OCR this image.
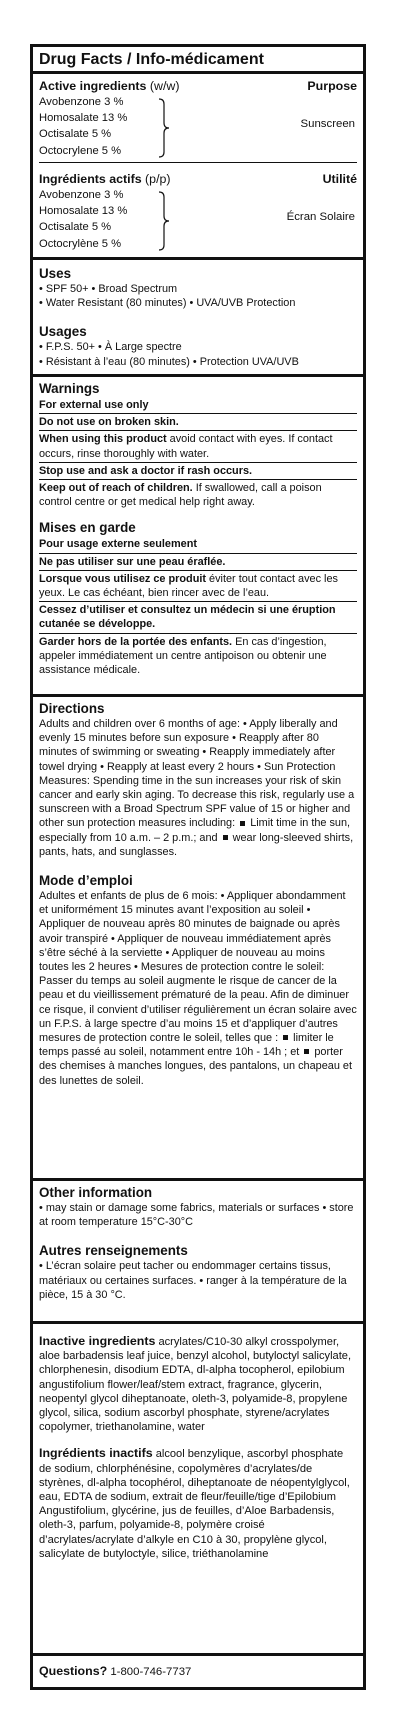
Drug Facts / Info-médicament
Active ingredients (w/w)	Purpose
Avobenzone 3 %
Homosalate 13 %
Octisalate 5 %
Octocrylene 5 %
Sunscreen
Ingrédients actifs (p/p)	Utilité
Avobenzone 3 %
Homosalate 13 %
Octisalate 5 %
Octocrylène 5 %
Écran Solaire
Uses
• SPF 50+ • Broad Spectrum
• Water Resistant (80 minutes) • UVA/UVB Protection
Usages
• F.P.S. 50+ • À Large spectre
• Résistant à l’eau (80 minutes) • Protection UVA/UVB
Warnings
For external use only
Do not use on broken skin.
When using this product avoid contact with eyes. If contact occurs, rinse thoroughly with water.
Stop use and ask a doctor if rash occurs.
Keep out of reach of children. If swallowed, call a poison control centre or get medical help right away.
Mises en garde
Pour usage externe seulement
Ne pas utiliser sur une peau éraflée.
Lorsque vous utilisez ce produit éviter tout contact avec les yeux. Le cas échéant, bien rincer avec de l’eau.
Cessez d’utiliser et consultez un médecin si une éruption cutanée se développe.
Garder hors de la portée des enfants. En cas d’ingestion, appeler immédiatement un centre antipoison ou obtenir une assistance médicale.
Directions
Adults and children over 6 months of age: • Apply liberally and evenly 15 minutes before sun exposure • Reapply after 80 minutes of swimming or sweating • Reapply immediately after towel drying • Reapply at least every 2 hours • Sun Protection Measures: Spending time in the sun increases your risk of skin cancer and early skin aging. To decrease this risk, regularly use a sunscreen with a Broad Spectrum SPF value of 15 or higher and other sun protection measures including:  Limit time in the sun, especially from 10 a.m. – 2 p.m.; and  wear long-sleeved shirts, pants, hats, and sunglasses.
Mode d’emploi
Adultes et enfants de plus de 6 mois: • Appliquer abondamment et uniformément 15 minutes avant l’exposition au soleil • Appliquer de nouveau après 80 minutes de baignade ou après avoir transpiré • Appliquer de nouveau immédiatement après s’être séché à la serviette • Appliquer de nouveau au moins toutes les 2 heures • Mesures de protection contre le soleil: Passer du temps au soleil augmente le risque de cancer de la peau et du vieillissement prématuré de la peau. Afin de diminuer ce risque, il convient d’utiliser régulièrement un écran solaire avec un F.P.S. à large spectre d’au moins 15 et d’appliquer d’autres mesures de protection contre le soleil, telles que :  limiter le temps passé au soleil, notamment entre 10h - 14h ; et  porter des chemises à manches longues, des pantalons, un chapeau et des lunettes de soleil.
Other information
• may stain or damage some fabrics, materials or surfaces • store at room temperature 15°C-30°C
Autres renseignements
• L’écran solaire peut tacher ou endommager certains tissus, matériaux ou certaines surfaces. • ranger à la température de la pièce, 15 à 30 °C.
Inactive ingredients acrylates/C10-30 alkyl crosspolymer, aloe barbadensis leaf juice, benzyl alcohol, butyloctyl salicylate, chlorphenesin, disodium EDTA, dl-alpha tocopherol, epilobium angustifolium flower/leaf/stem extract, fragrance, glycerin, neopentyl glycol diheptanoate, oleth-3, polyamide-8, propylene glycol, silica, sodium ascorbyl phosphate, styrene/acrylates copolymer, triethanolamine, water
Ingrédients inactifs alcool benzylique, ascorbyl phosphate de sodium, chlorphénésine, copolymères d’acrylates/de styrènes, dl-alpha tocophérol, diheptanoate de néopentylglycol, eau, EDTA de sodium, extrait de fleur/feuille/tige d’Epilobium Angustifolium, glycérine, jus de feuilles, d’Aloe Barbadensis, oleth-3, parfum, polyamide-8, polymère croisé d’acrylates/acrylate d’alkyle en C10 à 30, propylène glycol, salicylate de butyloctyle, silice, triéthanolamine
Questions? 1-800-746-7737
